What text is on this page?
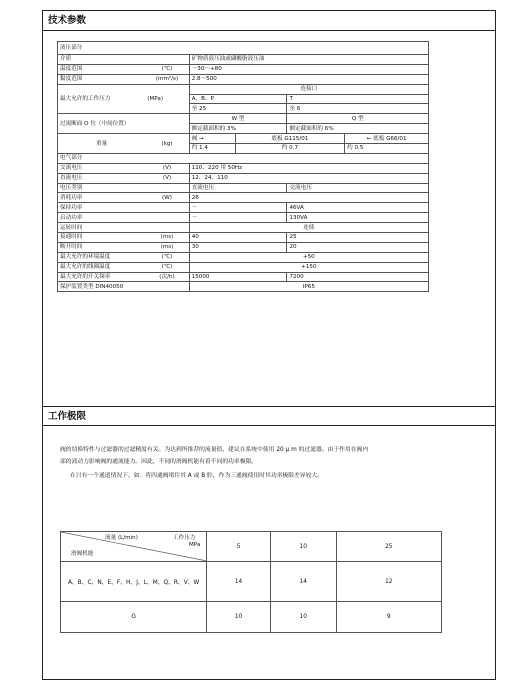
技术参数
工作极限
液压部分					
介质		矿物质液压油或磷酸脂液压油			
温度范围	(℃)	－30～+80			
黏度范围	(mm²/s)	2.8～500			
		连接口			
最大允许的工作压力	(MPa)	A、B、P		T	
		至 25		至 6	
过流断面 O 位（中间位置）		W 型		Q 型	
		额定截面积的 3%		额定截面积的 6%	
重量	(kg)	阀 →	底板 G115/01		← 底板 G66/01
		约 1.4	约 0.7		约 0.5
电气部分					
交流电压	(V)	110、220 用 50Hz			
直流电压	(V)	12、24、110			
电压类别		直流电压		交流电压	
消耗功率	(W)	26			
保持功率		－		46VA	
启动功率		－		130VA	
运转时间		连续			
接通时间	(ms)	40		25	
断开时间	(ms)	30		20	
最大允许的环境温度	(℃)	+50			
最大允许的线圈温度	(℃)	+150			
最大允许的开关频率	(次/h)	15000		7200	
保护装置类型 DIN40050		IP65			
阀的切换特性与过滤器的过滤精度有关。为达到所推荐的流量值，建议在系统中使用 20 μ m 的过滤器。由于作用在阀内
部的液动力影响阀的通流能力。因此，不同的滑阀机能有着不同的功率极限。
在只有一个通道情况下，如：将四通阀堵住其 A 或 B 腔，作为三通阀使用时其功率极限差异较大。
流量 (L/min) 工作压力
MPa
滑阀机能	5	10	25
A、B、C、N、E、F、H、J、L、M、Q、R、V、W	14	14	12
G	10	10	9
